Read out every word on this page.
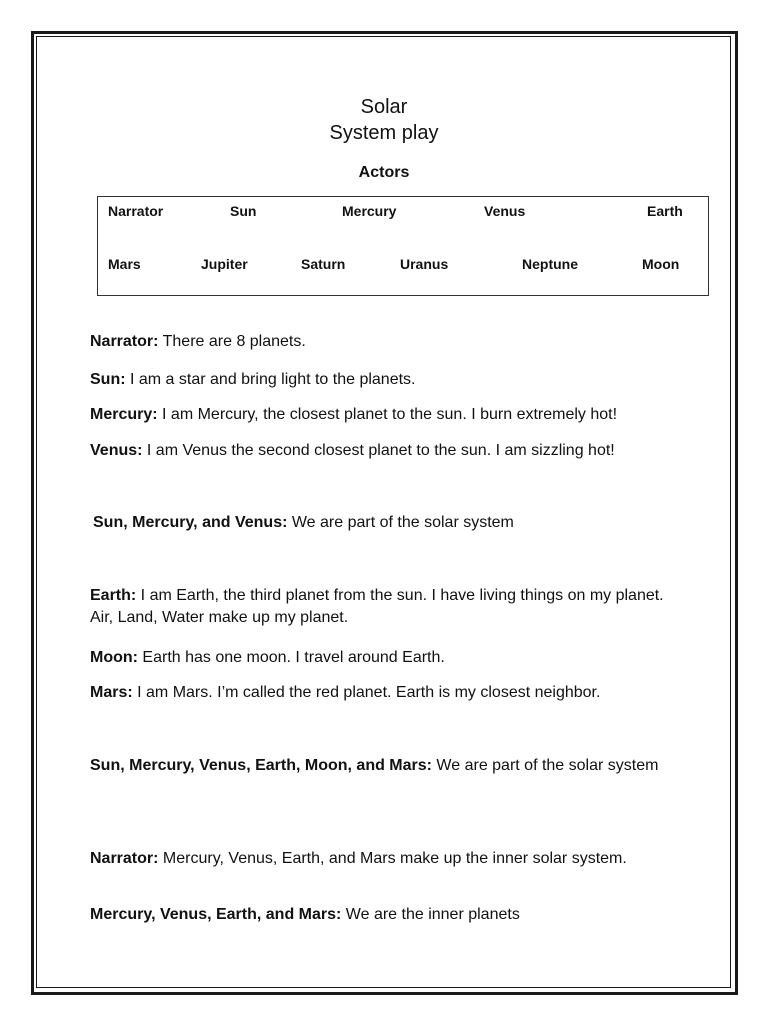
Solar
System play
Actors
Narrator	Sun	Mercury	Venus	Earth
Mars	Jupiter	Saturn	Uranus	Neptune	Moon
Narrator: There are 8 planets.
Sun: I am a star and bring light to the planets.
Mercury: I am Mercury, the closest planet to the sun. I burn extremely hot!
Venus: I am Venus the second closest planet to the sun. I am sizzling hot!
Sun, Mercury, and Venus: We are part of the solar system
Earth: I am Earth, the third planet from the sun. I have living things on my planet. Air, Land, Water make up my planet.
Moon: Earth has one moon. I travel around Earth.
Mars: I am Mars. I’m called the red planet. Earth is my closest neighbor.
Sun, Mercury, Venus, Earth, Moon, and Mars: We are part of the solar system
Narrator: Mercury, Venus, Earth, and Mars make up the inner solar system.
Mercury, Venus, Earth, and Mars: We are the inner planets
